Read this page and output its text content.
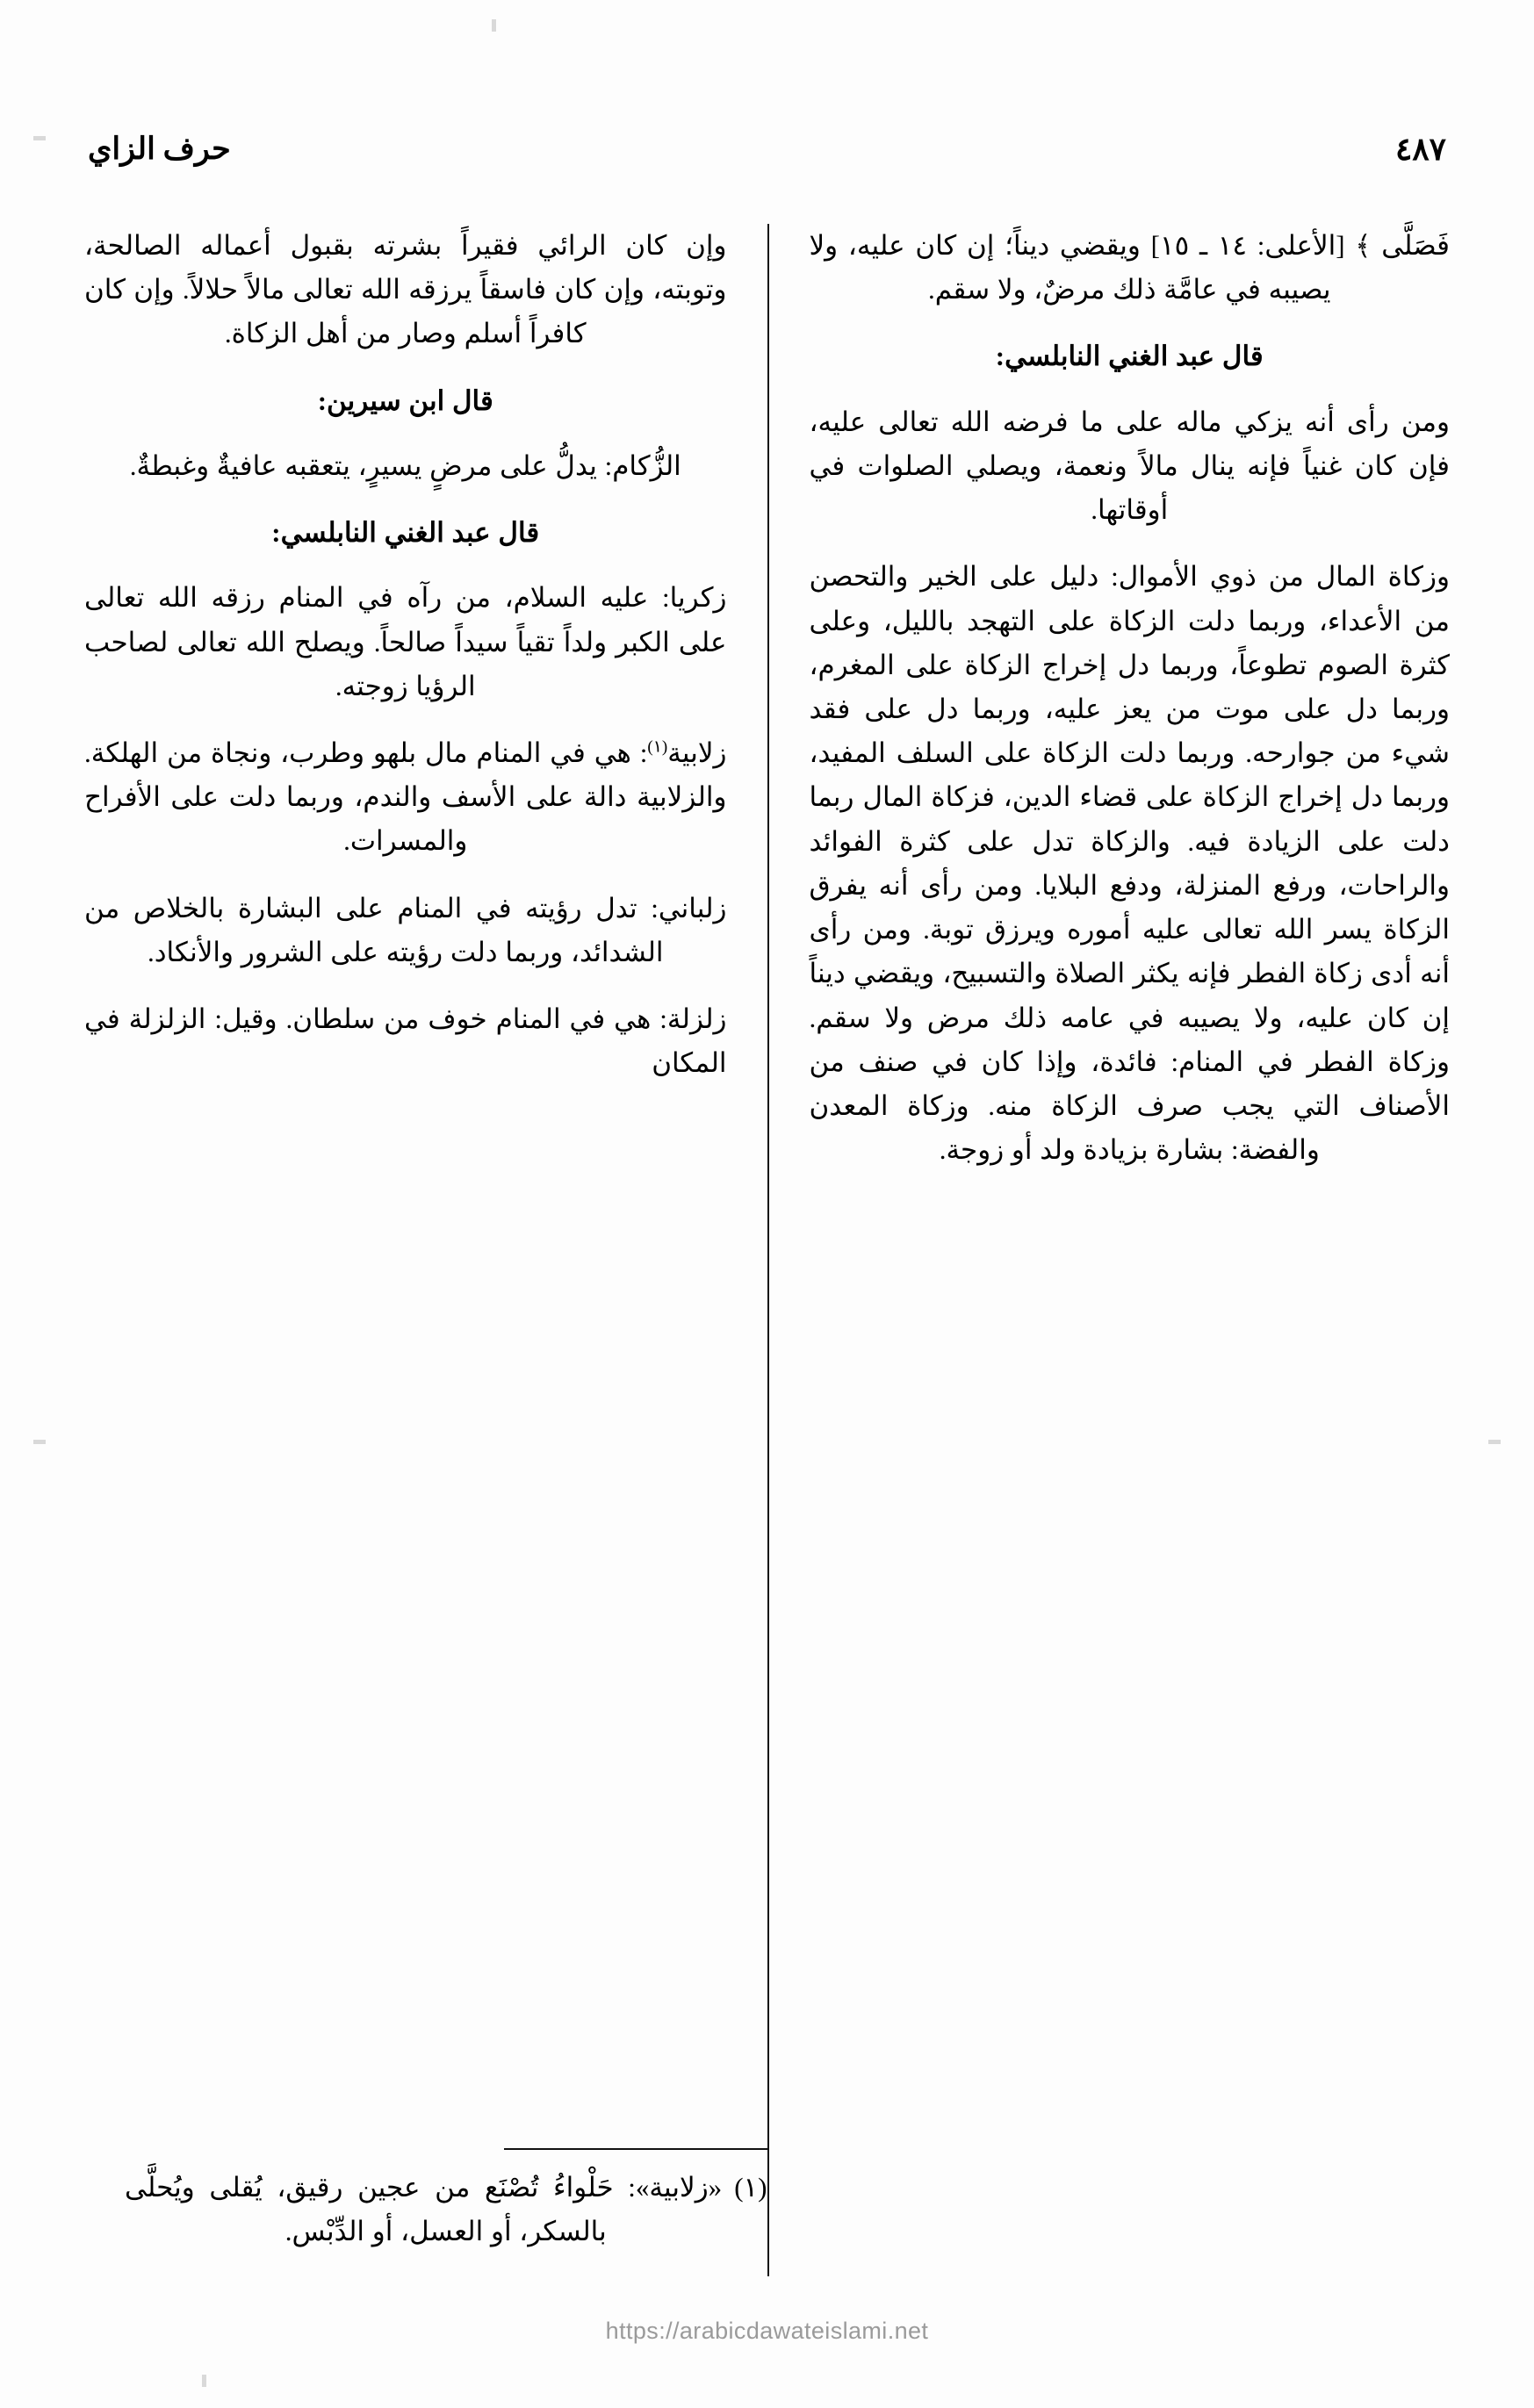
حرف الزاي	٤٨٧

فَصَلَّى ﴾ [الأعلى: ١٤ ـ ١٥] ويقضي ديناً؛ إن كان عليه، ولا يصيبه في عامَّة ذلك مرضٌ، ولا سقم.

قال عبد الغني النابلسي:

ومن رأى أنه يزكي ماله على ما فرضه الله تعالى عليه، فإن كان غنياً فإنه ينال مالاً ونعمة، ويصلي الصلوات في أوقاتها.

وزكاة المال من ذوي الأموال: دليل على الخير والتحصن من الأعداء، وربما دلت الزكاة على التهجد بالليل، وعلى كثرة الصوم تطوعاً، وربما دل إخراج الزكاة على المغرم، وربما دل على موت من يعز عليه، وربما دل على فقد شيء من جوارحه. وربما دلت الزكاة على السلف المفيد، وربما دل إخراج الزكاة على قضاء الدين، فزكاة المال ربما دلت على الزيادة فيه. والزكاة تدل على كثرة الفوائد والراحات، ورفع المنزلة، ودفع البلايا. ومن رأى أنه يفرق الزكاة يسر الله تعالى عليه أموره ويرزق توبة. ومن رأى أنه أدى زكاة الفطر فإنه يكثر الصلاة والتسبيح، ويقضي ديناً إن كان عليه، ولا يصيبه في عامه ذلك مرض ولا سقم. وزكاة الفطر في المنام: فائدة، وإذا كان في صنف من الأصناف التي يجب صرف الزكاة منه. وزكاة المعدن والفضة: بشارة بزيادة ولد أو زوجة.

وإن كان الرائي فقيراً بشرته بقبول أعماله الصالحة، وتوبته، وإن كان فاسقاً يرزقه الله تعالى مالاً حلالاً. وإن كان كافراً أسلم وصار من أهل الزكاة.

قال ابن سيرين:

الزُّكام: يدلُّ على مرضٍ يسيرٍ، يتعقبه عافيةٌ وغبطةٌ.

قال عبد الغني النابلسي:

زكريا: عليه السلام، من رآه في المنام رزقه الله تعالى على الكبر ولداً تقياً سيداً صالحاً. ويصلح الله تعالى لصاحب الرؤيا زوجته.

زلابية$^{(١)}$: هي في المنام مال بلهو وطرب، ونجاة من الهلكة. والزلابية دالة على الأسف والندم، وربما دلت على الأفراح والمسرات.

زلباني: تدل رؤيته في المنام على البشارة بالخلاص من الشدائد، وربما دلت رؤيته على الشرور والأنكاد.

زلزلة: هي في المنام خوف من سلطان. وقيل: الزلزلة في المكان

(١)«زلابية»: حَلْواءُ تُصْنَع من عجين رقيق، يُقلى ويُحلَّى بالسكر، أو العسل، أو الدِّبْس.

https://arabicdawateislami.net
